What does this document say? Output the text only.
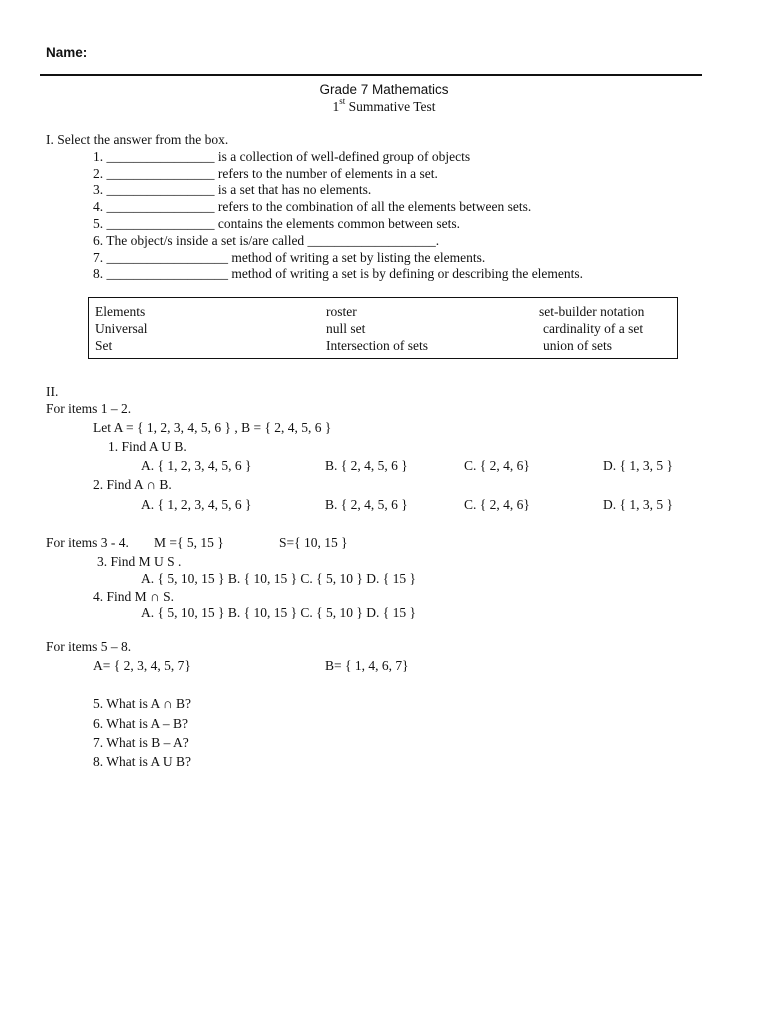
Name:
Grade 7 Mathematics
1st Summative Test
I. Select the answer from the box.
1. ________________ is a collection of well-defined group of objects
2. ________________ refers to the number of elements in a set.
3. ________________ is a set that has no elements.
4. ________________ refers to the combination of all the elements between sets.
5. ________________ contains the elements common between sets.
6. The object/s inside a set is/are called ___________________.
7. __________________ method of writing a set by listing the elements.
8. __________________ method of writing a set is by defining or describing the elements.
Elements	roster	set-builder notation
Universal	null set	cardinality of a set
Set	Intersection of sets	union of sets
II.
For items 1 – 2.
Let A = { 1, 2, 3, 4, 5, 6 } , B = { 2, 4, 5, 6 }
1. Find A U B.
A. { 1, 2, 3, 4, 5, 6 }	B. { 2, 4, 5, 6 }	C. { 2, 4, 6}	D. { 1, 3, 5 }
2. Find A ∩ B.
A. { 1, 2, 3, 4, 5, 6 }	B. { 2, 4, 5, 6 }	C. { 2, 4, 6}	D. { 1, 3, 5 }
For items 3 - 4. M ={ 5, 15 }	S={ 10, 15 }
3. Find M U S .
A. { 5, 10, 15 } B. { 10, 15 } C. { 5, 10 } D. { 15 }
4. Find M ∩ S.
A. { 5, 10, 15 } B. { 10, 15 } C. { 5, 10 } D. { 15 }
For items 5 – 8.
A= { 2, 3, 4, 5, 7}	B= { 1, 4, 6, 7}
5. What is A ∩ B?
6. What is A – B?
7. What is B – A?
8. What is A U B?
